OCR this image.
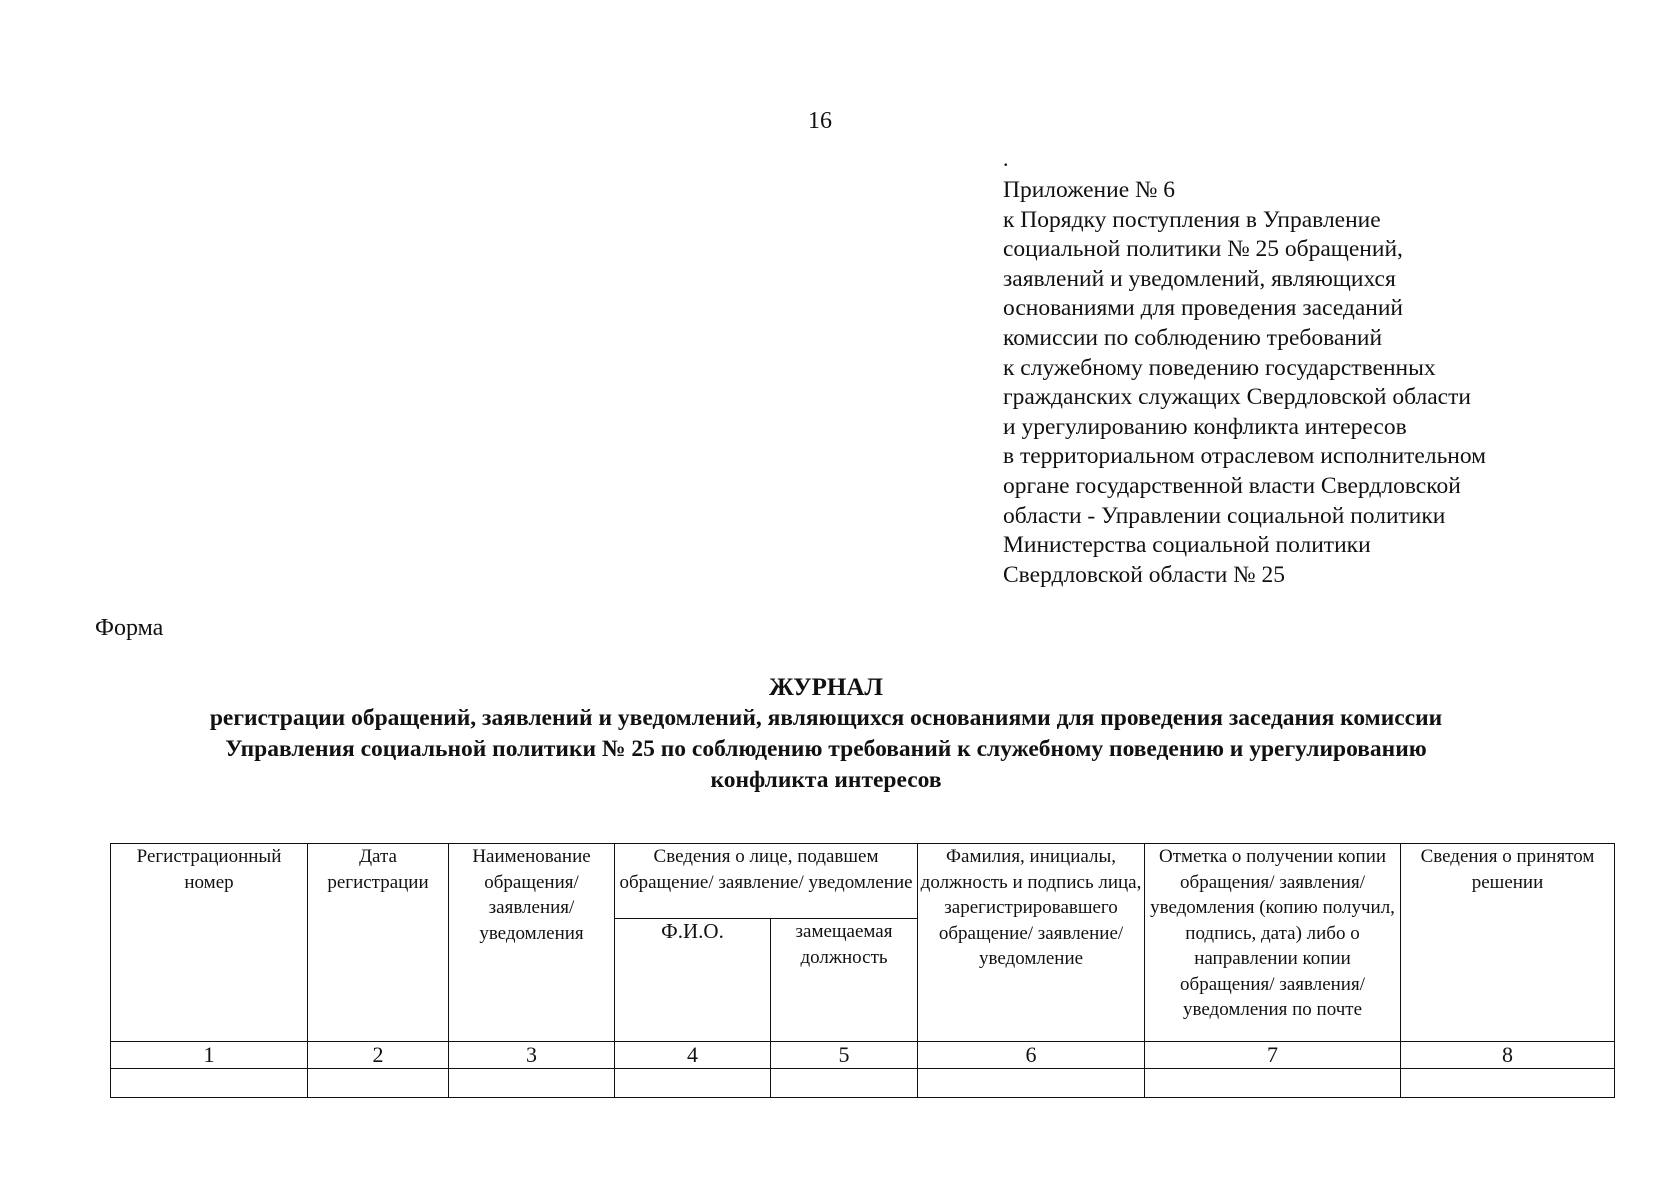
16
.
Приложение № 6
к Порядку поступления в Управление
социальной политики № 25 обращений,
заявлений и уведомлений, являющихся
основаниями для проведения заседаний
комиссии по соблюдению требований
к служебному поведению государственных
гражданских служащих Свердловской области
и урегулированию конфликта интересов
в территориальном отраслевом исполнительном
органе государственной власти Свердловской
области - Управлении социальной политики
Министерства социальной политики
Свердловской области № 25
Форма
ЖУРНАЛ
регистрации обращений, заявлений и уведомлений, являющихся основаниями для проведения заседания комиссии
Управления социальной политики № 25 по соблюдению требований к служебному поведению и урегулированию
конфликта интересов
Регистрационный номер	Дата регистрации	Наименование обращения/ заявления/ уведомления	Сведения о лице, подавшем обращение/ заявление/ уведомление		Фамилия, инициалы, должность и подпись лица, зарегистрировавшего обращение/ заявление/ уведомление	Отметка о получении копии обращения/ заявления/ уведомления (копию получил, подпись, дата) либо о направлении копии обращения/ заявления/ уведомления по почте	Сведения о принятом решении
			Ф.И.О.	замещаемая должность			
1	2	3	4	5	6	7	8
